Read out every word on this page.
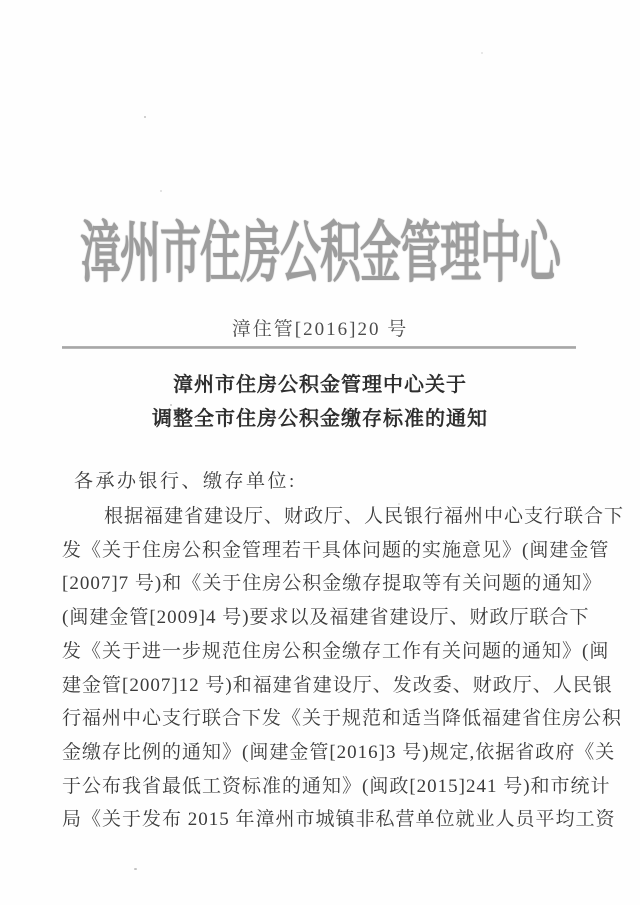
漳州市住房公积金管理中心
漳住管[2016]20 号
漳州市住房公积金管理中心关于
调整全市住房公积金缴存标准的通知
各承办银行、缴存单位:
根据福建省建设厅、财政厅、人民银行福州中心支行联合下
发《关于住房公积金管理若干具体问题的实施意见》(闽建金管
[2007]7 号)和《关于住房公积金缴存提取等有关问题的通知》
(闽建金管[2009]4 号)要求以及福建省建设厅、财政厅联合下
发《关于进一步规范住房公积金缴存工作有关问题的通知》(闽
建金管[2007]12 号)和福建省建设厅、发改委、财政厅、人民银
行福州中心支行联合下发《关于规范和适当降低福建省住房公积
金缴存比例的通知》(闽建金管[2016]3 号)规定,依据省政府《关
于公布我省最低工资标准的通知》(闽政[2015]241 号)和市统计
局《关于发布 2015 年漳州市城镇非私营单位就业人员平均工资
